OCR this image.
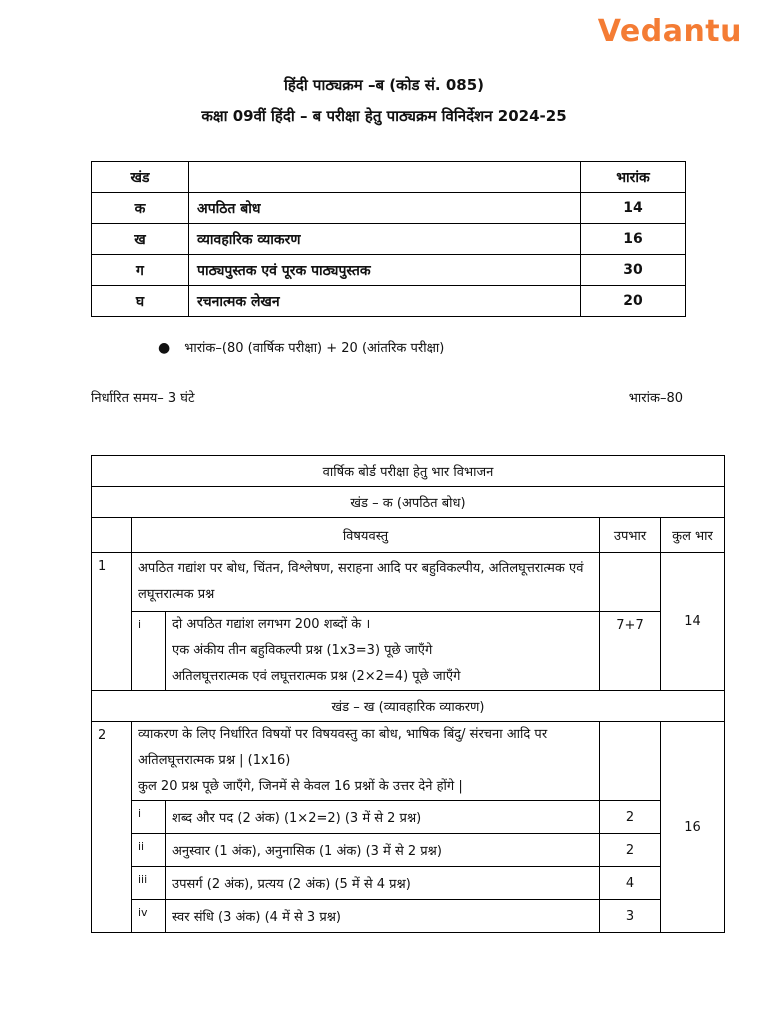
Vedantu
हिंदी पाठ्यक्रम –ब (कोड सं. 085)
कक्षा 09वीं हिंदी – ब परीक्षा हेतु पाठ्यक्रम विनिर्देशन 2024-25
खंड		भारांक
क	अपठित बोध	14
ख	व्यावहारिक व्याकरण	16
ग	पाठ्यपुस्तक एवं पूरक पाठ्यपुस्तक	30
घ	रचनात्मक लेखन	20
● भारांक–(80 (वार्षिक परीक्षा) + 20 (आंतरिक परीक्षा)
निर्धारित समय– 3 घंटे	भारांक–80
वार्षिक बोर्ड परीक्षा हेतु भार विभाजन				
खंड – क (अपठित बोध)				
	विषयवस्तु		उपभार	कुल भार
1	अपठित गद्यांश पर बोध, चिंतन, विश्लेषण, सराहना आदि पर बहुविकल्पीय, अतिलघूत्तरात्मक एवं लघूत्तरात्मक प्रश्न			14
	i	दो अपठित गद्यांश लगभग 200 शब्दों के ।
एक अंकीय तीन बहुविकल्पी प्रश्न (1x3=3) पूछे जाएँगे
अतिलघूत्तरात्मक एवं लघूत्तरात्मक प्रश्न (2×2=4) पूछे जाएँगे	7+7	
खंड – ख (व्यावहारिक व्याकरण)				
2	व्याकरण के लिए निर्धारित विषयों पर विषयवस्तु का बोध, भाषिक बिंदु/ संरचना आदि पर
अतिलघूत्तरात्मक प्रश्न | (1x16)
कुल 20 प्रश्न पूछे जाएँगे, जिनमें से केवल 16 प्रश्नों के उत्तर देने होंगे |			16
	i	शब्द और पद (2 अंक) (1×2=2) (3 में से 2 प्रश्न)	2	
	ii	अनुस्वार (1 अंक), अनुनासिक (1 अंक) (3 में से 2 प्रश्न)	2	
	iii	उपसर्ग (2 अंक), प्रत्यय (2 अंक) (5 में से 4 प्रश्न)	4	
	iv	स्वर संधि (3 अंक) (4 में से 3 प्रश्न)	3	
